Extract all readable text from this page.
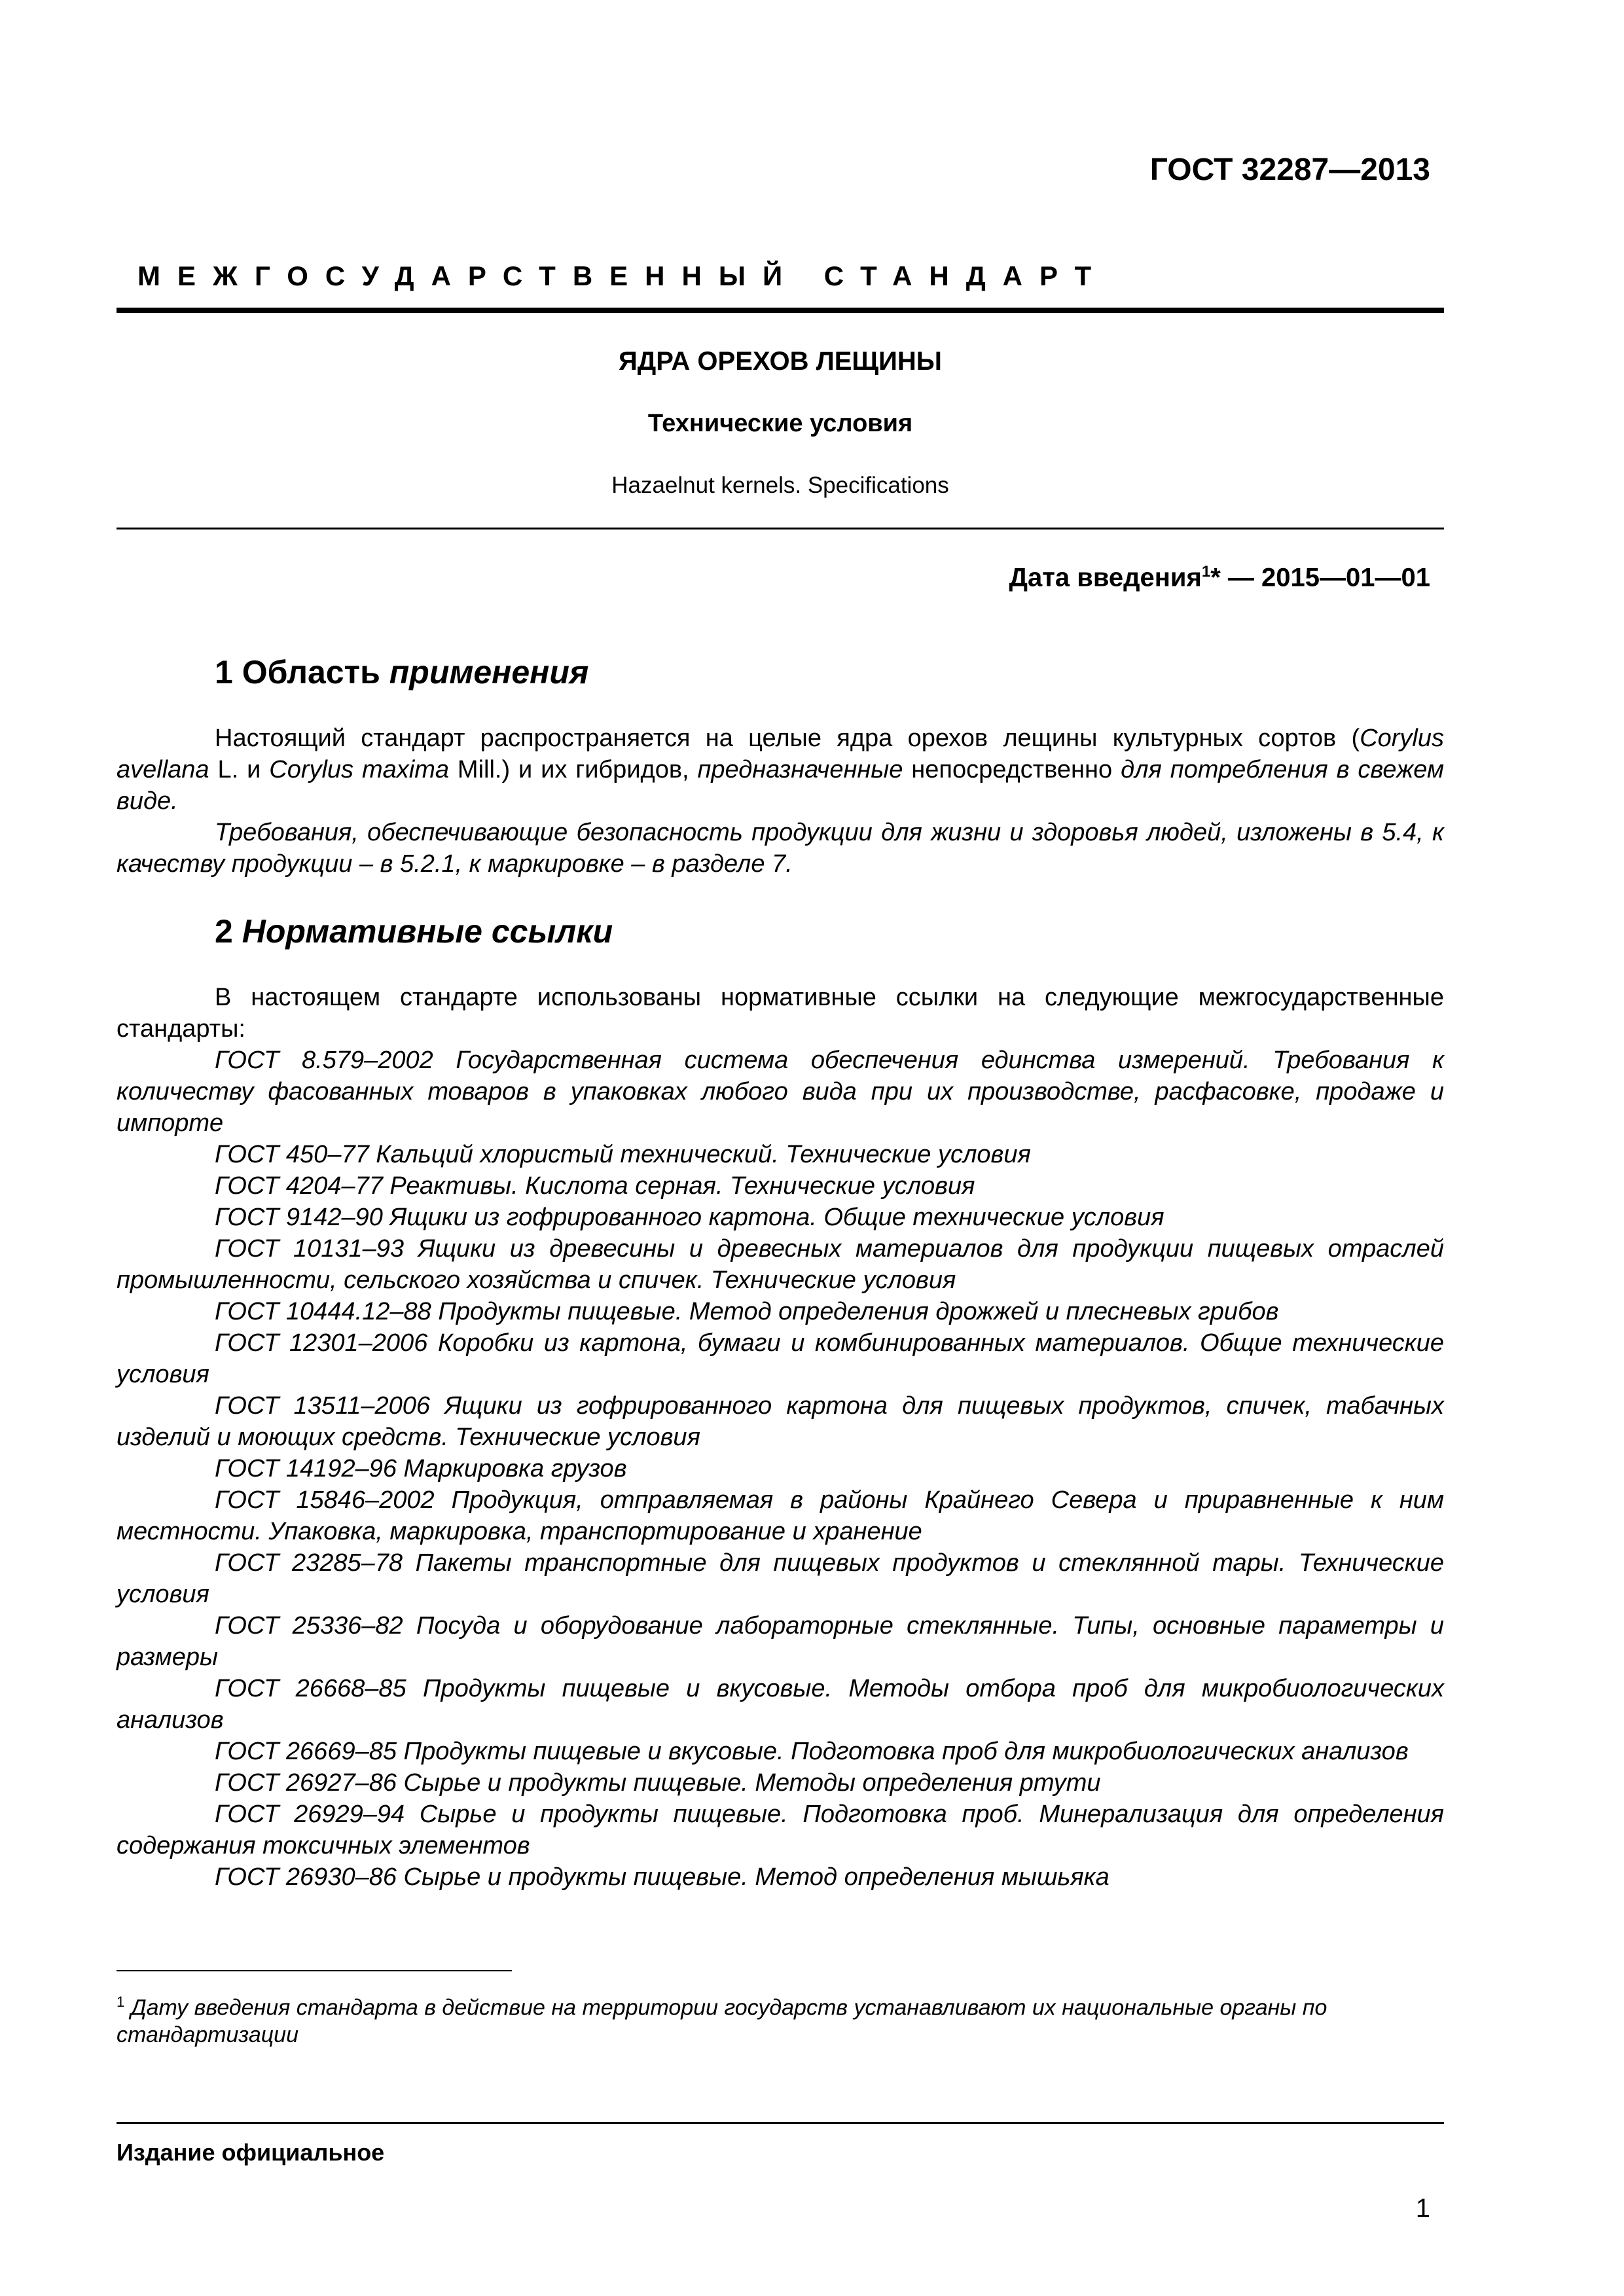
ГОСТ 32287—2013
МЕЖГОСУДАРСТВЕННЫЙ СТАНДАРТ
ЯДРА ОРЕХОВ ЛЕЩИНЫ
Технические условия
Hazaelnut kernels. Specifications
Дата введения$^1$* — 2015—01—01
1 Область применения

Настоящий стандарт распространяется на целые ядра орехов лещины культурных сортов (Corylus avellana L. и Corylus maxima Mill.) и их гибридов, предназначенные непосредственно для потребления в свежем виде.

Требования, обеспечивающие безопасность продукции для жизни и здоровья людей, изложены в 5.4, к качеству продукции – в 5.2.1, к маркировке – в разделе 7.

2 Нормативные ссылки

В настоящем стандарте использованы нормативные ссылки на следующие межгосударственные стандарты:

ГОСТ 8.579–2002 Государственная система обеспечения единства измерений. Требования к количеству фасованных товаров в упаковках любого вида при их производстве, расфасовке, продаже и импорте

ГОСТ 450–77 Кальций хлористый технический. Технические условия

ГОСТ 4204–77 Реактивы. Кислота серная. Технические условия

ГОСТ 9142–90 Ящики из гофрированного картона. Общие технические условия

ГОСТ 10131–93 Ящики из древесины и древесных материалов для продукции пищевых отраслей промышленности, сельского хозяйства и спичек. Технические условия

ГОСТ 10444.12–88 Продукты пищевые. Метод определения дрожжей и плесневых грибов

ГОСТ 12301–2006 Коробки из картона, бумаги и комбинированных материалов. Общие технические условия

ГОСТ 13511–2006 Ящики из гофрированного картона для пищевых продуктов, спичек, табачных изделий и моющих средств. Технические условия

ГОСТ 14192–96 Маркировка грузов

ГОСТ 15846–2002 Продукция, отправляемая в районы Крайнего Севера и приравненные к ним местности. Упаковка, маркировка, транспортирование и хранение

ГОСТ 23285–78 Пакеты транспортные для пищевых продуктов и стеклянной тары. Технические условия

ГОСТ 25336–82 Посуда и оборудование лабораторные стеклянные. Типы, основные параметры и размеры

ГОСТ 26668–85 Продукты пищевые и вкусовые. Методы отбора проб для микробиологических анализов

ГОСТ 26669–85 Продукты пищевые и вкусовые. Подготовка проб для микробиологических анализов

ГОСТ 26927–86 Сырье и продукты пищевые. Методы определения ртути

ГОСТ 26929–94 Сырье и продукты пищевые. Подготовка проб. Минерализация для определения содержания токсичных элементов

ГОСТ 26930–86 Сырье и продукты пищевые. Метод определения мышьяка

$^1$ Дату введения стандарта в действие на территории государств устанавливают их национальные органы по стандартизации
Издание официальное
1
